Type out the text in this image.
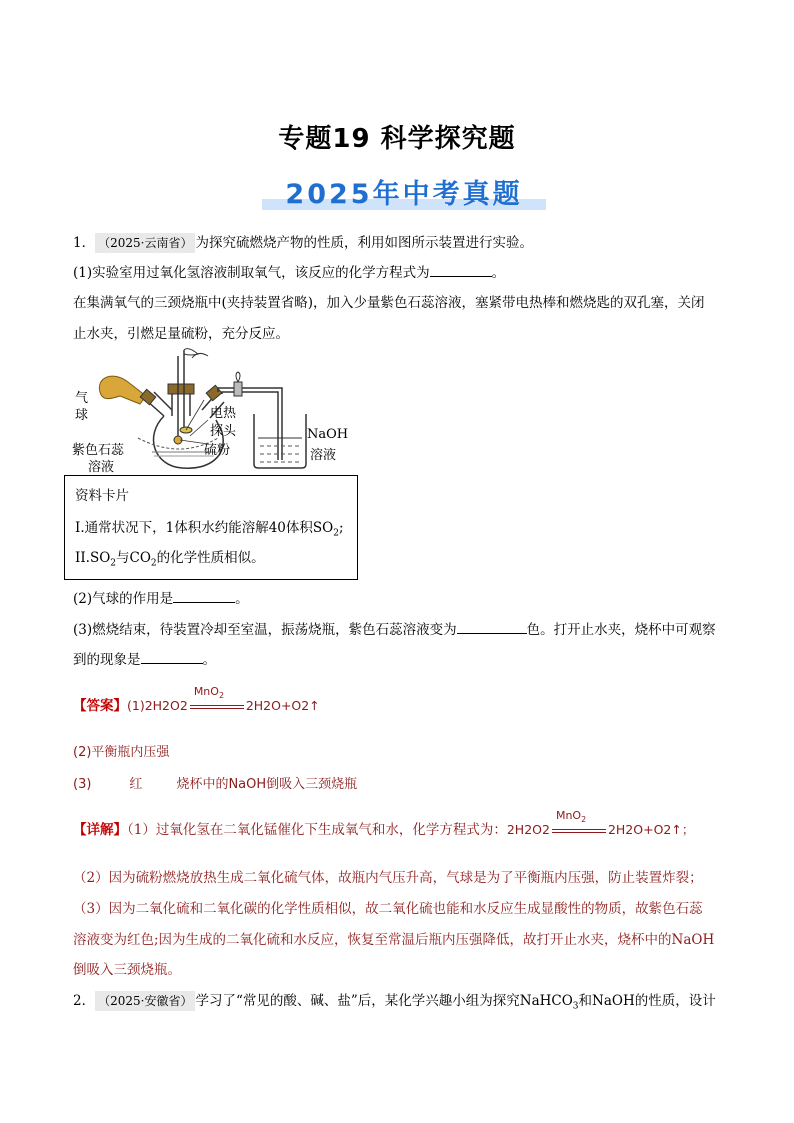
专题19 科学探究题
2025年中考真题
1． （2025·云南省） 为探究硫燃烧产物的性质，利用如图所示装置进行实验。
(1)实验室用过氧化氢溶液制取氧气，该反应的化学方程式为	。
在集满氧气的三颈烧瓶中(夹持装置省略)，加入少量紫色石蕊溶液，塞紧带电热棒和燃烧匙的双孔塞，关闭
止水夹，引燃足量硫粉，充分反应。
气
球	电热
探头
硫粉
紫色石蕊
溶液
NaOH
溶液
资料卡片
I.通常状况下，1体积水约能溶解40体积$SO_2$;
$II.SO_2$与$CO_2$的化学性质相似。
(2)气球的作用是	。
(3)燃烧结束，待装置冷却至室温，振荡烧瓶，紫色石蕊溶液变为	色。打开止水夹，烧杯中可观察
到的现象是	。
【答案】(1)2H2O2
MnO$_2$
2H2O+O2↑
(2)平衡瓶内压强
(3)	红	烧杯中的NaOH倒吸入三颈烧瓶
【详解】（1）过氧化氢在二氧化锰催化下生成氧气和水，化学方程式为：2H2O2
MnO$_2$
2H2O+O2↑；
（2）因为硫粉燃烧放热生成二氧化硫气体，故瓶内气压升高，气球是为了平衡瓶内压强，防止装置炸裂；
（3）因为二氧化硫和二氧化碳的化学性质相似，故二氧化硫也能和水反应生成显酸性的物质，故紫色石蕊
溶液变为红色;因为生成的二氧化硫和水反应，恢复至常温后瓶内压强降低，故打开止水夹，烧杯中的NaOH
倒吸入三颈烧瓶。
2． （2025·安徽省） 学习了“常见的酸、碱、盐”后，某化学兴趣小组为探究NaHCO$_3$和NaOH的性质，设计
